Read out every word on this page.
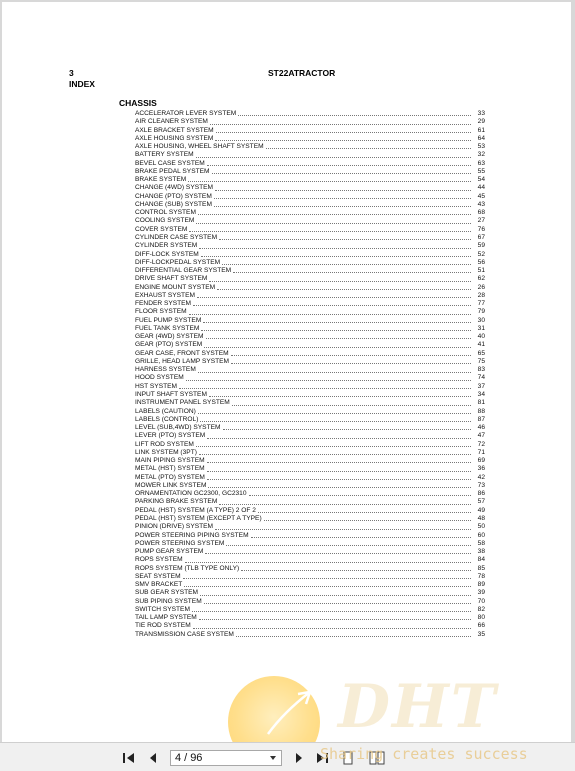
3
INDEX
ST22ATRACTOR
CHASSIS
ACCELERATOR LEVER SYSTEM	33
AIR CLEANER SYSTEM	29
AXLE BRACKET SYSTEM	61
AXLE HOUSING SYSTEM	64
AXLE HOUSING, WHEEL SHAFT SYSTEM	53
BATTERY SYSTEM	32
BEVEL CASE SYSTEM	63
BRAKE PEDAL SYSTEM	55
BRAKE SYSTEM	54
CHANGE (4WD) SYSTEM	44
CHANGE (PTO) SYSTEM	45
CHANGE (SUB) SYSTEM	43
CONTROL SYSTEM	68
COOLING SYSTEM	27
COVER SYSTEM	76
CYLINDER CASE SYSTEM	67
CYLINDER SYSTEM	59
DIFF-LOCK SYSTEM	52
DIFF-LOCKPEDAL SYSTEM	56
DIFFERENTIAL GEAR SYSTEM	51
DRIVE SHAFT SYSTEM	62
ENGINE MOUNT SYSTEM	26
EXHAUST SYSTEM	28
FENDER SYSTEM	77
FLOOR SYSTEM	79
FUEL PUMP SYSTEM	30
FUEL TANK SYSTEM	31
GEAR (4WD) SYSTEM	40
GEAR (PTO) SYSTEM	41
GEAR CASE, FRONT SYSTEM	65
GRILLE, HEAD LAMP SYSTEM	75
HARNESS SYSTEM	83
HOOD SYSTEM	74
HST SYSTEM	37
INPUT SHAFT SYSTEM	34
INSTRUMENT PANEL SYSTEM	81
LABELS (CAUTION)	88
LABELS (CONTROL)	87
LEVEL (SUB,4WD) SYSTEM	46
LEVER (PTO) SYSTEM	47
LIFT ROD SYSTEM	72
LINK SYSTEM (3PT)	71
MAIN PIPING SYSTEM	69
METAL (HST) SYSTEM	36
METAL (PTO) SYSTEM	42
MOWER LINK SYSTEM	73
ORNAMENTATION GC2300, GC2310	86
PARKING BRAKE SYSTEM	57
PEDAL (HST) SYSTEM (A TYPE) 2 OF 2	49
PEDAL (HST) SYSTEM (EXCEPT A TYPE)	48
PINION (DRIVE) SYSTEM	50
POWER STEERING PIPING SYSTEM	60
POWER STEERING SYSTEM	58
PUMP GEAR SYSTEM	38
ROPS SYSTEM	84
ROPS SYSTEM (TLB TYPE ONLY)	85
SEAT SYSTEM	78
SMV BRACKET	89
SUB GEAR SYSTEM	39
SUB PIPING SYSTEM	70
SWITCH SYSTEM	82
TAIL LAMP SYSTEM	80
TIE ROD SYSTEM	66
TRANSMISSION CASE SYSTEM	35
DHT
4 / 96	Sharing creates success
